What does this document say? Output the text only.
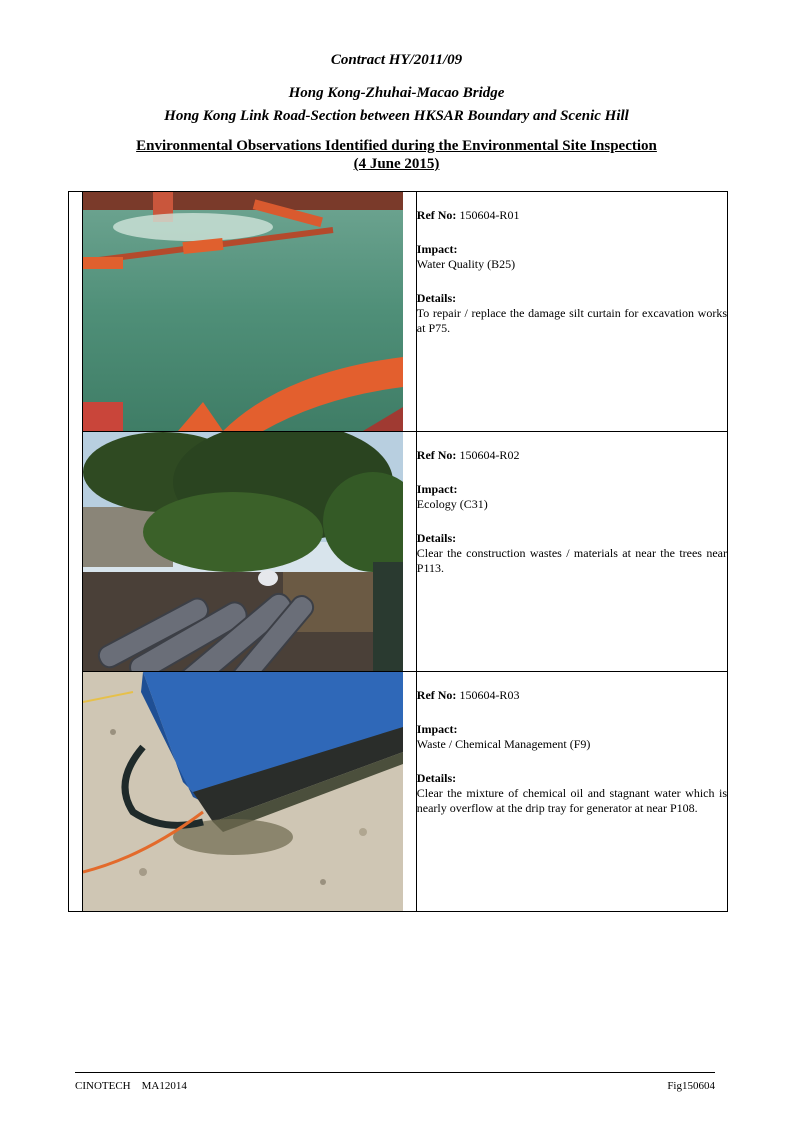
Contract HY/2011/09
Hong Kong-Zhuhai-Macao Bridge
Hong Kong Link Road-Section between HKSAR Boundary and Scenic Hill
Environmental Observations Identified during the Environmental Site Inspection
(4 June 2015)

Ref No: 150604-R01
Impact:
Water Quality (B25)
Details:
To repair / replace the damage silt curtain for excavation works at P75.

Ref No: 150604-R02
Impact:
Ecology (C31)
Details:
Clear the construction wastes / materials at near the trees near P113.

Ref No: 150604-R03
Impact:
Waste / Chemical Management (F9)
Details:
Clear the mixture of chemical oil and stagnant water which is nearly overflow at the drip tray for generator at near P108.
CINOTECH MA12014	Fig150604
